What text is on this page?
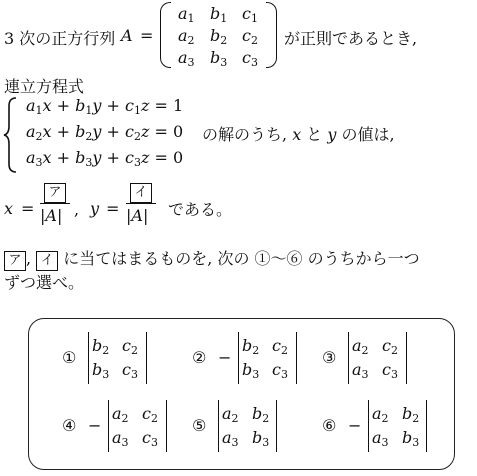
3 次の正方行列 A =
$a_1$ $b_1$ $c_1$
$a_2$ $b_2$ $c_2$
$a_3$ $b_3$ $c_3$
が正則であるとき,
連立方程式
$a_1x + b_1y + c_1z = 1$
$a_2x + b_2y + c_2z = 0$
$a_3x + b_3y + c_3z = 0$
の解のうち, x と y の値は,
x =
ア
|A| , y =
イ
|A| である。
ア , イ に当てはまるものを, 次の ①〜⑥ のうちから一つ
ずつ選べ。
①
$b_2$ $c_2$
$b_3$ $c_3$
② −
$b_2$ $c_2$
$b_3$ $c_3$
③
$a_2$ $c_2$
$a_3$ $c_3$
④ −
$a_2$ $c_2$
$a_3$ $c_3$
⑤
$a_2$ $b_2$
$a_3$ $b_3$
⑥ −
$a_2$ $b_2$
$a_3$ $b_3$
